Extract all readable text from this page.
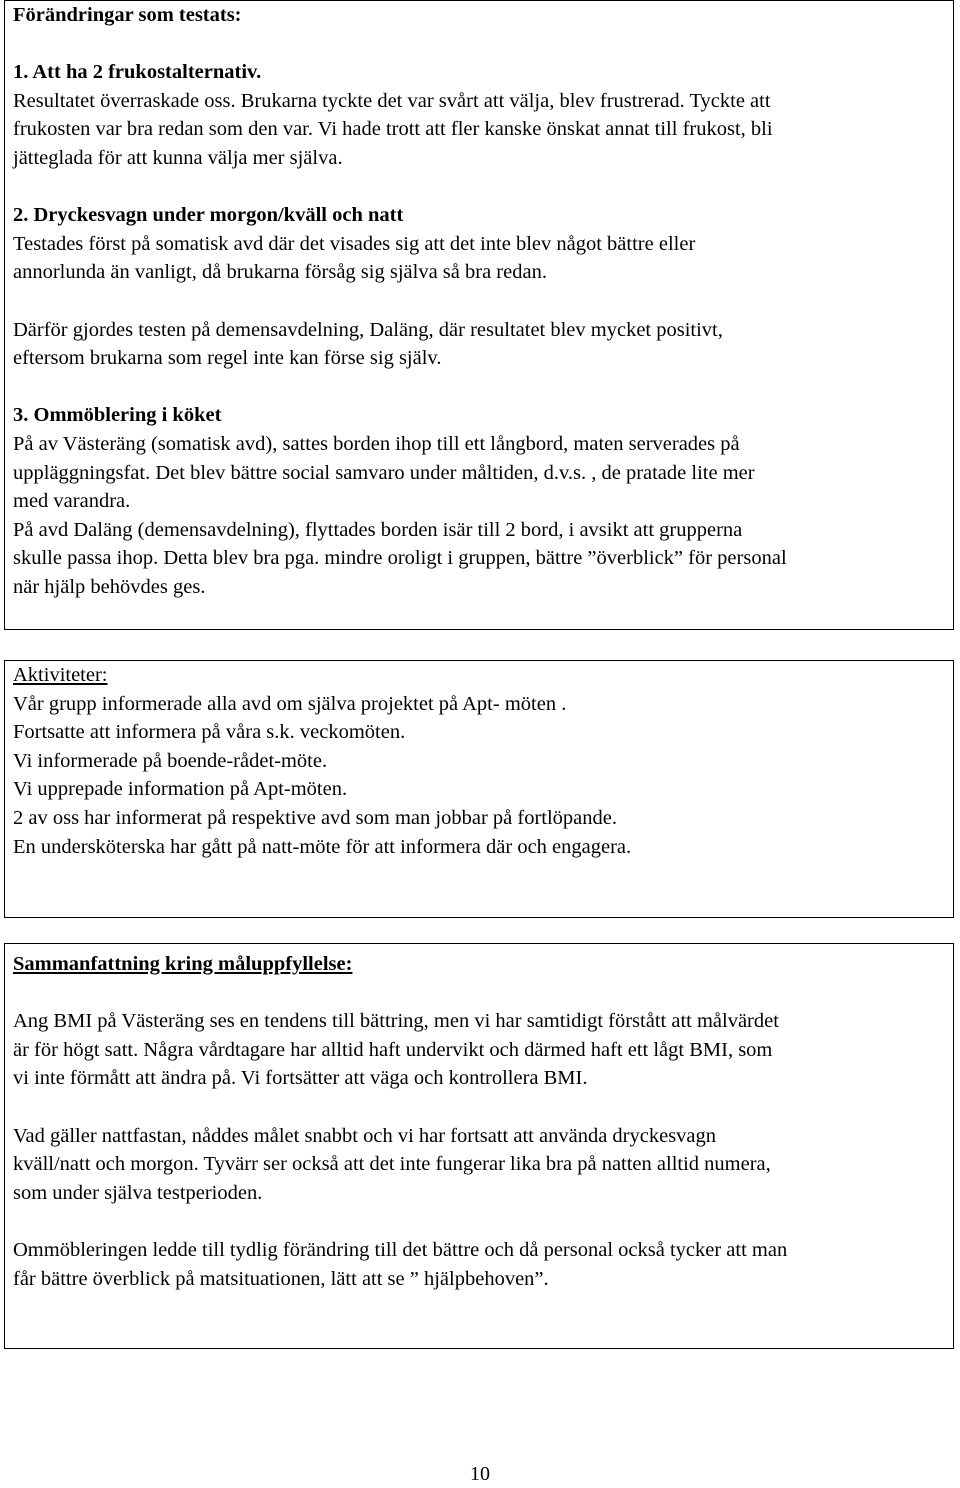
Förändringar som testats:

1. Att ha 2 frukostalternativ.

Resultatet överraskade oss. Brukarna tyckte det var svårt att välja, blev frustrerad. Tyckte att

frukosten var bra redan som den var. Vi hade trott att fler kanske önskat annat till frukost, bli

jätteglada för att kunna välja mer själva.

2. Dryckesvagn under morgon/kväll och natt

Testades först på somatisk avd där det visades sig att det inte blev något bättre eller

annorlunda än vanligt, då brukarna försåg sig själva så bra redan.

Därför gjordes testen på demensavdelning, Daläng, där resultatet blev mycket positivt,

eftersom brukarna som regel inte kan förse sig själv.

3. Ommöblering i köket

På av Västeräng (somatisk avd), sattes borden ihop till ett långbord, maten serverades på

uppläggningsfat. Det blev bättre social samvaro under måltiden, d.v.s. , de pratade lite mer

med varandra.

På avd Daläng (demensavdelning), flyttades borden isär till 2 bord, i avsikt att grupperna

skulle passa ihop. Detta blev bra pga. mindre oroligt i gruppen, bättre ”överblick” för personal

när hjälp behövdes ges.

Aktiviteter:

Vår grupp informerade alla avd om själva projektet på Apt- möten .

Fortsatte att informera på våra s.k. veckomöten.

Vi informerade på boende-rådet-möte.

Vi upprepade information på Apt-möten.

2 av oss har informerat på respektive avd som man jobbar på fortlöpande.

En undersköterska har gått på natt-möte för att informera där och engagera.

Sammanfattning kring måluppfyllelse:

Ang BMI på Västeräng ses en tendens till bättring, men vi har samtidigt förstått att målvärdet

är för högt satt. Några vårdtagare har alltid haft undervikt och därmed haft ett lågt BMI, som

vi inte förmått att ändra på. Vi fortsätter att väga och kontrollera BMI.

Vad gäller nattfastan, nåddes målet snabbt och vi har fortsatt att använda dryckesvagn

kväll/natt och morgon. Tyvärr ser också att det inte fungerar lika bra på natten alltid numera,

som under själva testperioden.

Ommöbleringen ledde till tydlig förändring till det bättre och då personal också tycker att man

får bättre överblick på matsituationen, lätt att se ” hjälpbehoven”.

10
